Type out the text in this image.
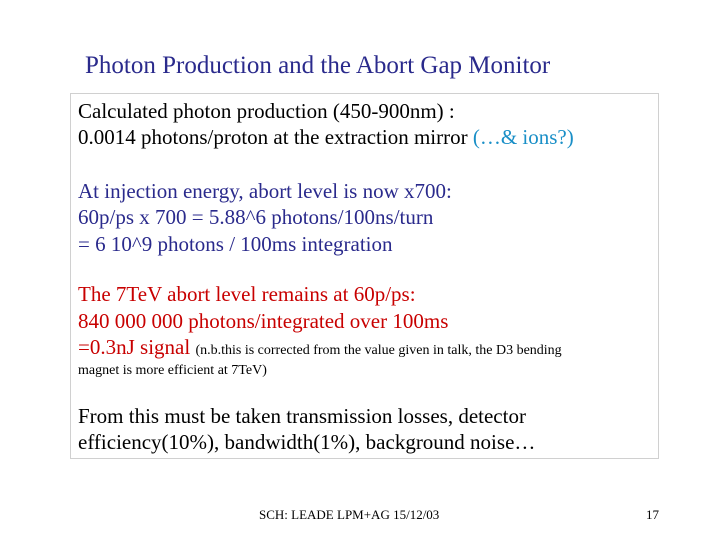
Photon Production and the Abort Gap Monitor
Calculated photon production (450-900nm) :
0.0014 photons/proton at the extraction mirror (…& ions?)
At injection energy, abort level is now x700:
60p/ps x 700 = 5.88^6 photons/100ns/turn
= 6 10^9 photons / 100ms integration
The 7TeV abort level remains at 60p/ps:
840 000 000 photons/integrated over 100ms
=0.3nJ signal (n.b.this is corrected from the value given in talk, the D3 bending
magnet is more efficient at 7TeV)
From this must be taken transmission losses, detector
efficiency(10%), bandwidth(1%), background noise…
SCH: LEADE LPM+AG 15/12/03	17
